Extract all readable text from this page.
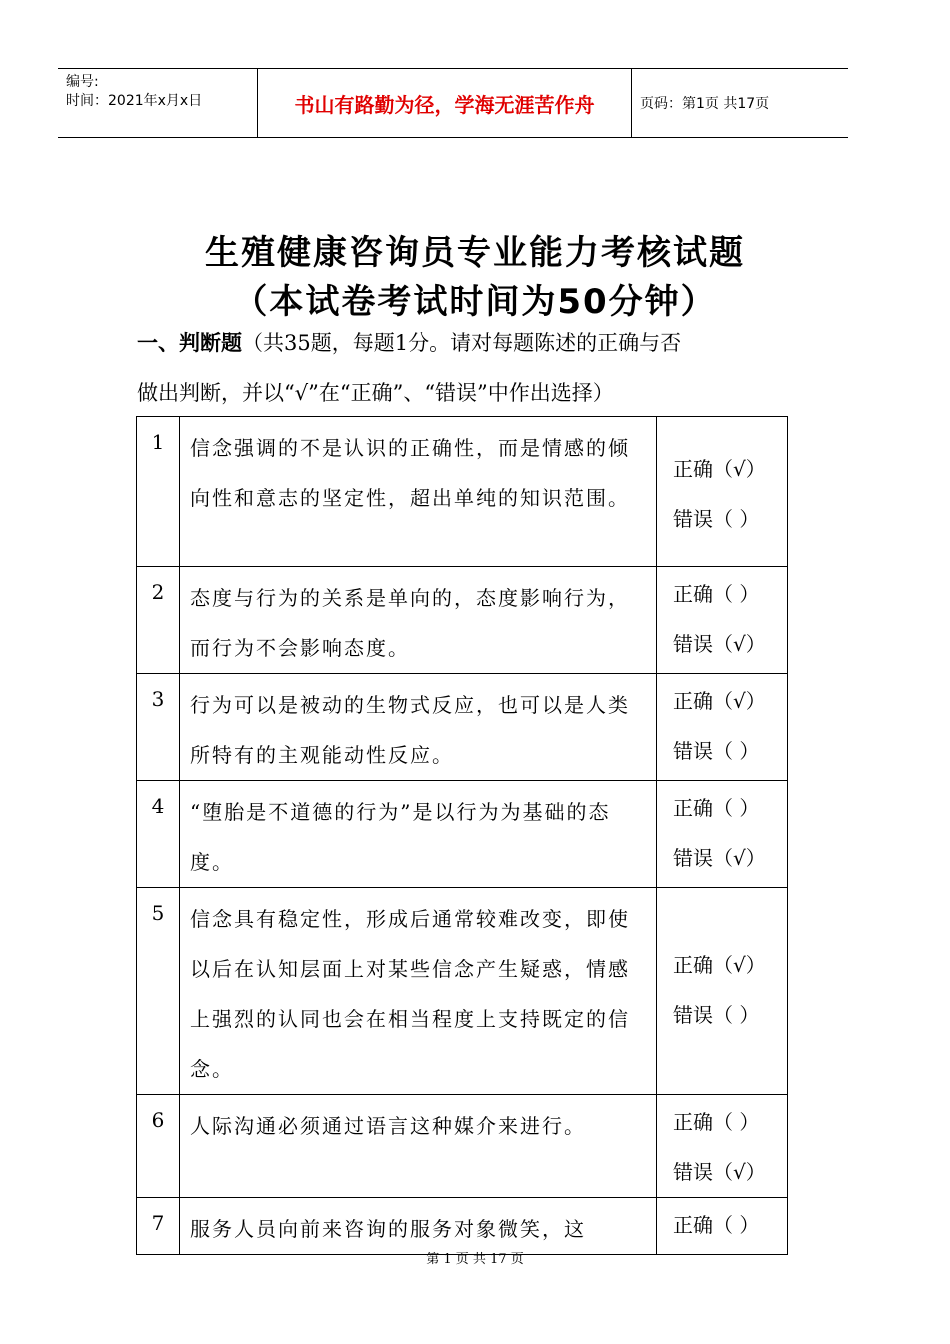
编号:
时间：2021年x月x日	书山有路勤为径，学海无涯苦作舟	页码：第1页 共17页
生殖健康咨询员专业能力考核试题
（本试卷考试时间为50分钟）
一、判断题（共35题，每题1分。请对每题陈述的正确与否
做出判断，并以“√”在“正确”、“错误”中作出选择）
1	信念强调的不是认识的正确性，而是情感的倾向性和意志的坚定性，超出单纯的知识范围。	正确（√）
错误（ ）

2	态度与行为的关系是单向的，态度影响行为，而行为不会影响态度。	正确（ ）
错误（√）

3	行为可以是被动的生物式反应，也可以是人类所特有的主观能动性反应。	正确（√）
错误（ ）

4	“堕胎是不道德的行为”是以行为为基础的态度。	正确（ ）
错误（√）

5	信念具有稳定性，形成后通常较难改变，即使以后在认知层面上对某些信念产生疑惑，情感上强烈的认同也会在相当程度上支持既定的信念。	正确（√）
错误（ ）

6	人际沟通必须通过语言这种媒介来进行。	正确（ ）
错误（√）

7	服务人员向前来咨询的服务对象微笑，这	正确（ ）
第 1 页 共 17 页
